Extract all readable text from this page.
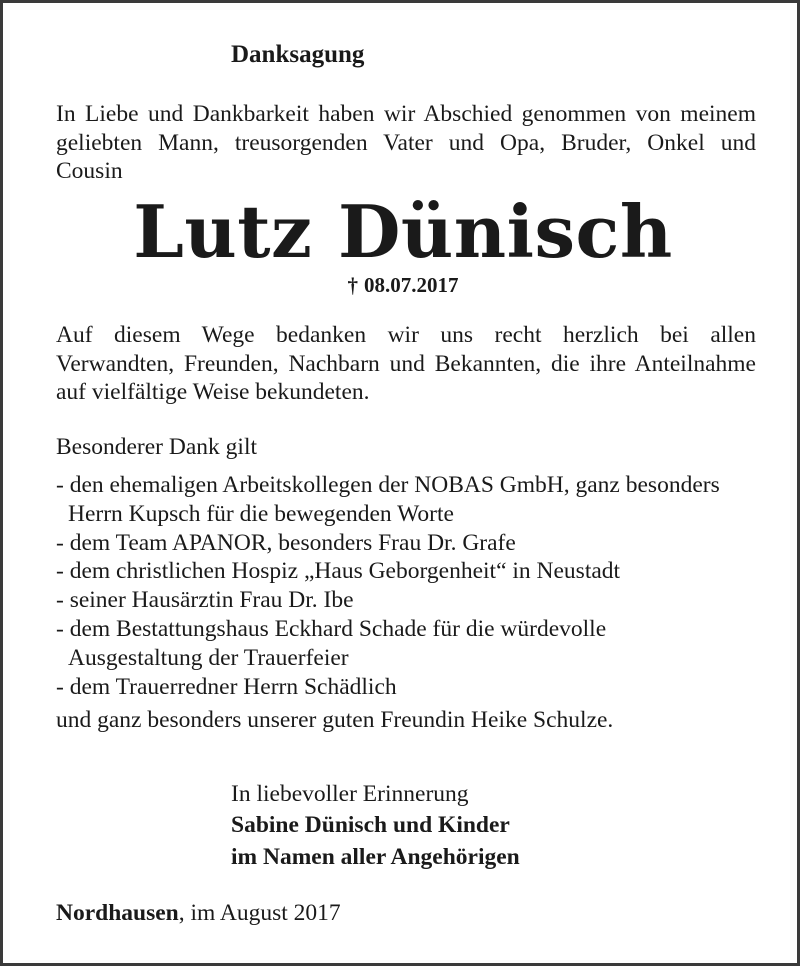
Danksagung
In Liebe und Dankbarkeit haben wir Abschied genommen von meinem
geliebten Mann, treusorgenden Vater und Opa, Bruder, Onkel und
Cousin
Lutz Dünisch
† 08.07.2017
Auf diesem Wege bedanken wir uns recht herzlich bei allen
Verwandten, Freunden, Nachbarn und Bekannten, die ihre Anteilnahme
auf vielfältige Weise bekundeten.
Besonderer Dank gilt
- den ehemaligen Arbeitskollegen der NOBAS GmbH, ganz besonders
Herrn Kupsch für die bewegenden Worte
- dem Team APANOR, besonders Frau Dr. Grafe
- dem christlichen Hospiz „Haus Geborgenheit“ in Neustadt
- seiner Hausärztin Frau Dr. Ibe
- dem Bestattungshaus Eckhard Schade für die würdevolle
Ausgestaltung der Trauerfeier
- dem Trauerredner Herrn Schädlich
und ganz besonders unserer guten Freundin Heike Schulze.
In liebevoller Erinnerung
Sabine Dünisch und Kinder
im Namen aller Angehörigen
Nordhausen, im August 2017
